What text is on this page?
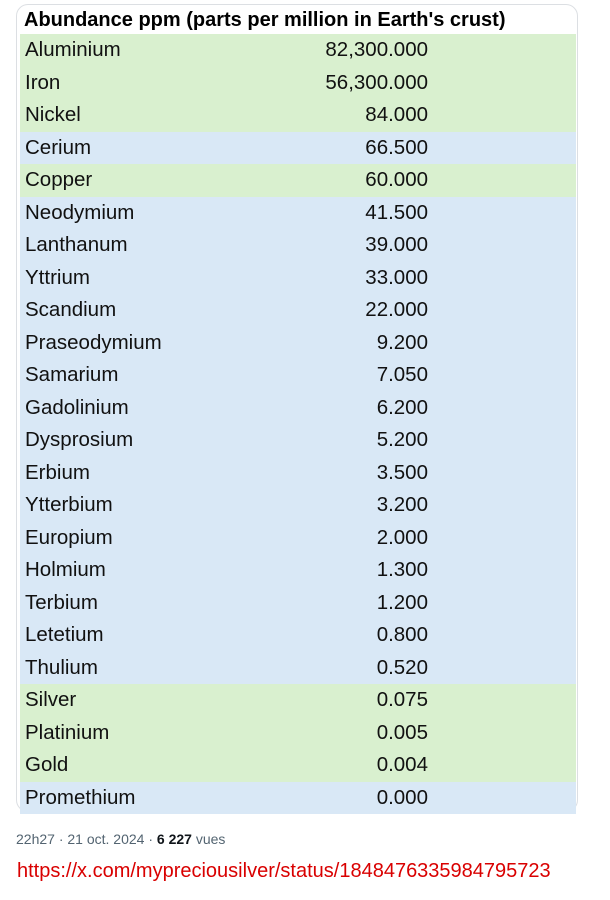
Abundance ppm (parts per million in Earth's crust)
Aluminium	82,300.000
Iron	56,300.000
Nickel	84.000
Cerium	66.500
Copper	60.000
Neodymium	41.500
Lanthanum	39.000
Yttrium	33.000
Scandium	22.000
Praseodymium	9.200
Samarium	7.050
Gadolinium	6.200
Dysprosium	5.200
Erbium	3.500
Ytterbium	3.200
Europium	2.000
Holmium	1.300
Terbium	1.200
Letetium	0.800
Thulium	0.520
Silver	0.075
Platinium	0.005
Gold	0.004
Promethium	0.000
22h27 · 21 oct. 2024 · 6 227 vues
https://x.com/mypreciousilver/status/1848476335984795723
